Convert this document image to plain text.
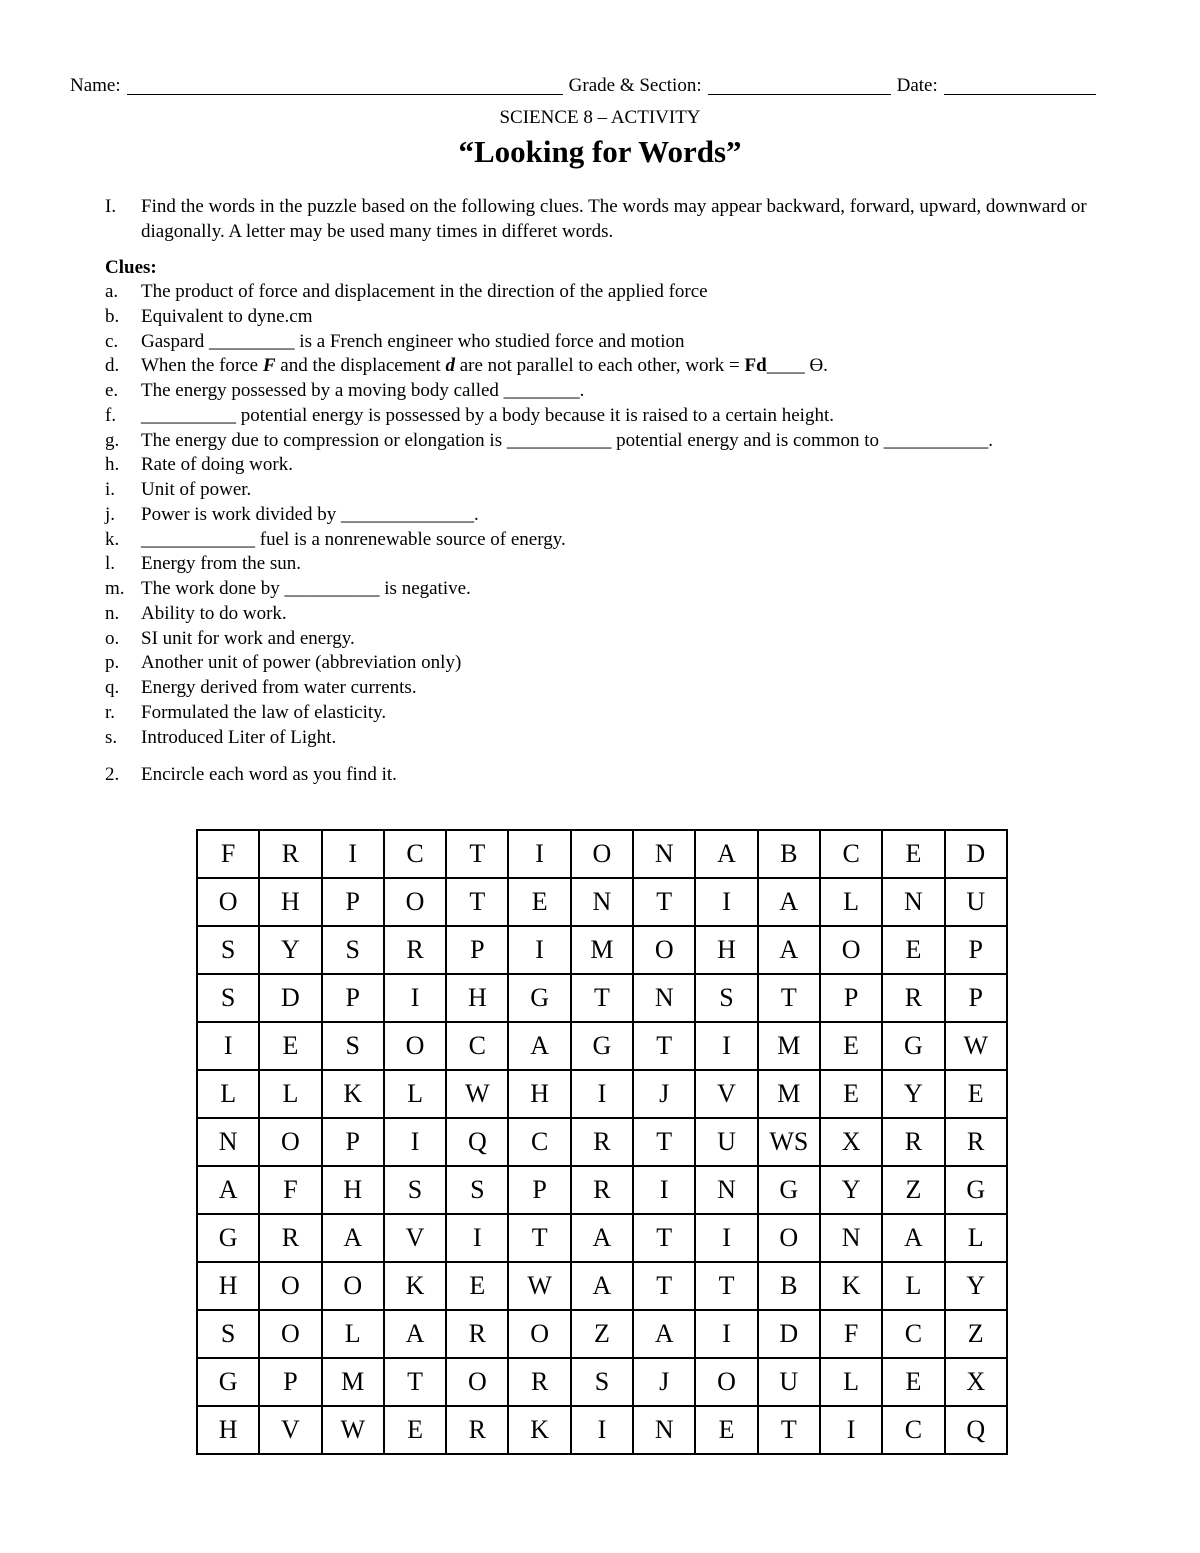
Name:	Grade & Section:	Date:
SCIENCE 8 – ACTIVITY
“Looking for Words”
I.	Find the words in the puzzle based on the following clues. The words may appear backward, forward, upward, downward or diagonally. A letter may be used many times in differet words.
Clues:
a. The product of force and displacement in the direction of the applied force
b. Equivalent to dyne.cm
c. Gaspard _________ is a French engineer who studied force and motion
d. When the force F and the displacement d are not parallel to each other, work = Fd____ Ө.
e. The energy possessed by a moving body called ________.
f. __________ potential energy is possessed by a body because it is raised to a certain height.
g. The energy due to compression or elongation is ___________ potential energy and is common to ___________.
h. Rate of doing work.
i. Unit of power.
j. Power is work divided by ______________.
k. ____________ fuel is a nonrenewable source of energy.
l. Energy from the sun.
m. The work done by __________ is negative.
n. Ability to do work.
o. SI unit for work and energy.
p. Another unit of power (abbreviation only)
q. Energy derived from water currents.
r. Formulated the law of elasticity.
s. Introduced Liter of Light.
2.	Encircle each word as you find it.
F	R	I	C	T	I	O	N	A	B	C	E	D
O	H	P	O	T	E	N	T	I	A	L	N	U
S	Y	S	R	P	I	M	O	H	A	O	E	P
S	D	P	I	H	G	T	N	S	T	P	R	P
I	E	S	O	C	A	G	T	I	M	E	G	W
L	L	K	L	W	H	I	J	V	M	E	Y	E
N	O	P	I	Q	C	R	T	U	WS	X	R	R
A	F	H	S	S	P	R	I	N	G	Y	Z	G
G	R	A	V	I	T	A	T	I	O	N	A	L
H	O	O	K	E	W	A	T	T	B	K	L	Y
S	O	L	A	R	O	Z	A	I	D	F	C	Z
G	P	M	T	O	R	S	J	O	U	L	E	X
H	V	W	E	R	K	I	N	E	T	I	C	Q
